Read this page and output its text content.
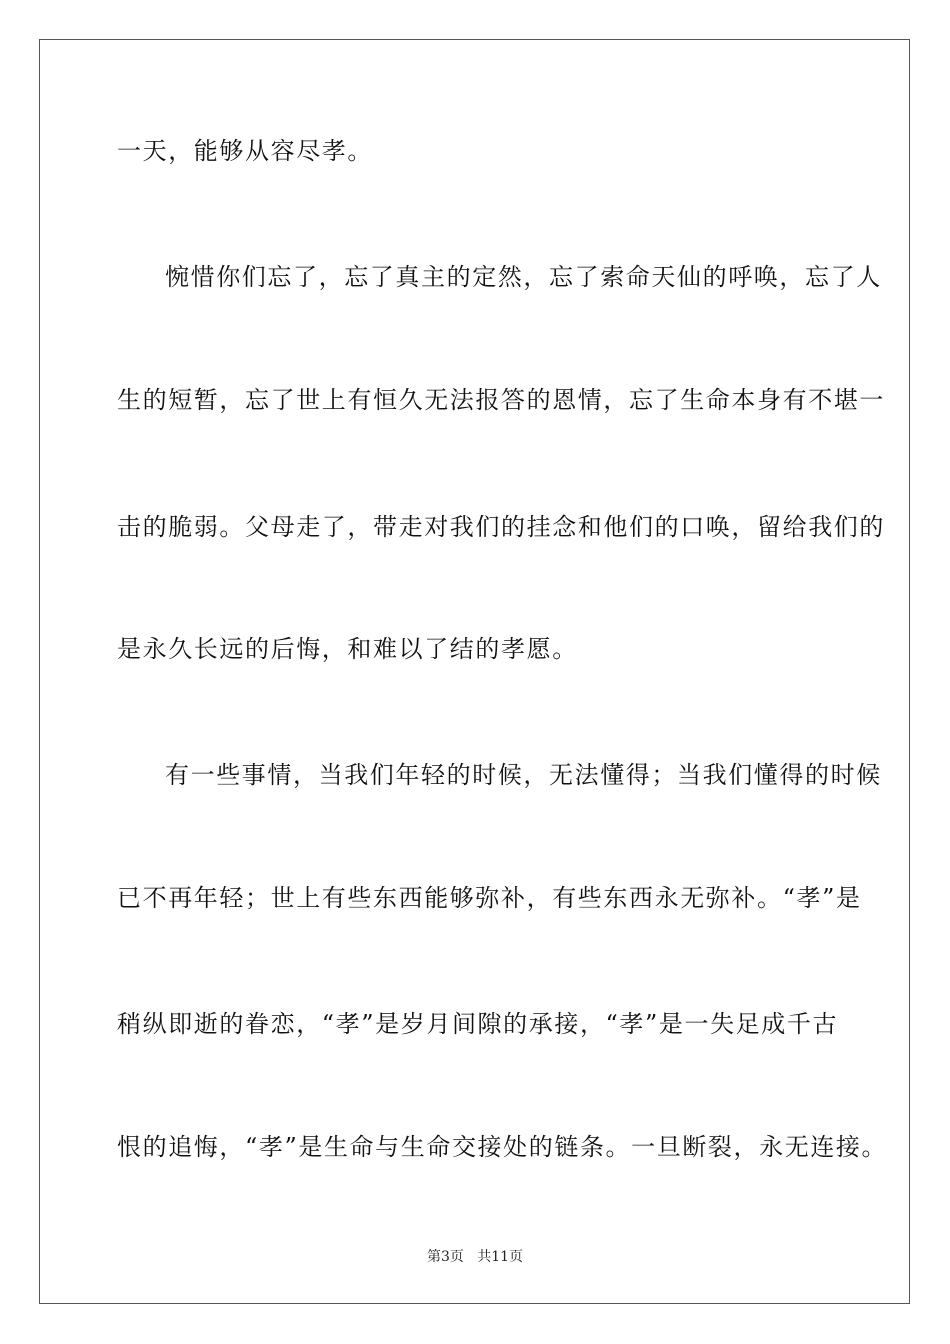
一天，能够从容尽孝。
惋惜你们忘了，忘了真主的定然，忘了索命天仙的呼唤，忘了人
生的短暂，忘了世上有恒久无法报答的恩情，忘了生命本身有不堪一
击的脆弱。父母走了，带走对我们的挂念和他们的口唤，留给我们的
是永久长远的后悔，和难以了结的孝愿。
有一些事情，当我们年轻的时候，无法懂得；当我们懂得的时候
已不再年轻；世上有些东西能够弥补，有些东西永无弥补。“孝”是
稍纵即逝的眷恋，“孝”是岁月间隙的承接，“孝”是一失足成千古
恨的追悔，“孝”是生命与生命交接处的链条。一旦断裂，永无连接。
第3页   共11页
